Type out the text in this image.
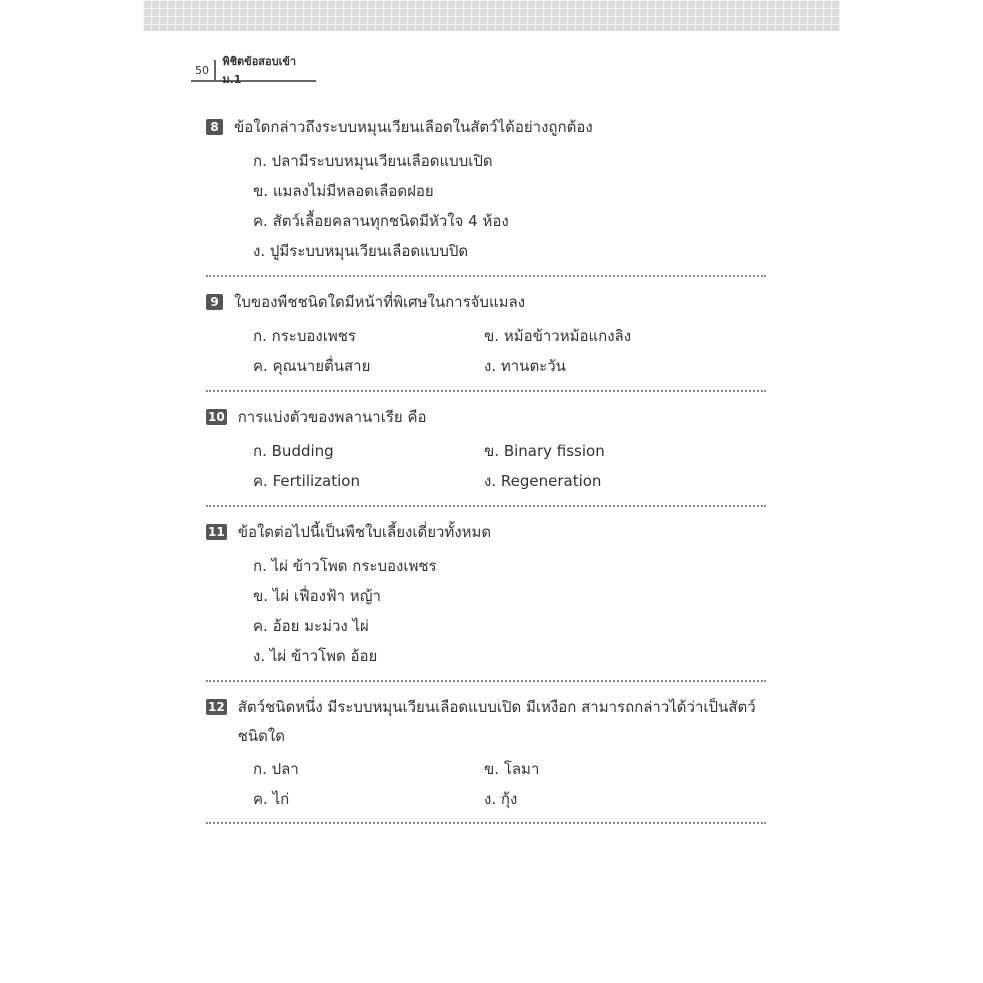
50
พิชิตข้อสอบเข้า ม.1
8 ข้อใดกล่าวถึงระบบหมุนเวียนเลือดในสัตว์ได้อย่างถูกต้อง
ก. ปลามีระบบหมุนเวียนเลือดแบบเปิด
ข. แมลงไม่มีหลอดเลือดฝอย
ค. สัตว์เลื้อยคลานทุกชนิดมีหัวใจ 4 ห้อง
ง. ปูมีระบบหมุนเวียนเลือดแบบปิด
9 ใบของพืชชนิดใดมีหน้าที่พิเศษในการจับแมลง
ก. กระบองเพชร	ข. หม้อข้าวหม้อแกงลิง
ค. คุณนายตื่นสาย	ง. ทานตะวัน
10 การแบ่งตัวของพลานาเรีย คือ
ก. Budding	ข. Binary fission
ค. Fertilization	ง. Regeneration
11 ข้อใดต่อไปนี้เป็นพืชใบเลี้ยงเดี่ยวทั้งหมด
ก. ไผ่ ข้าวโพด กระบองเพชร
ข. ไผ่ เฟื่องฟ้า หญ้า
ค. อ้อย มะม่วง ไผ่
ง. ไผ่ ข้าวโพด อ้อย
12 สัตว์ชนิดหนึ่ง มีระบบหมุนเวียนเลือดแบบเปิด มีเหงือก สามารถกล่าวได้ว่าเป็นสัตว์ชนิดใด
ก. ปลา	ข. โลมา
ค. ไก่	ง. กุ้ง
